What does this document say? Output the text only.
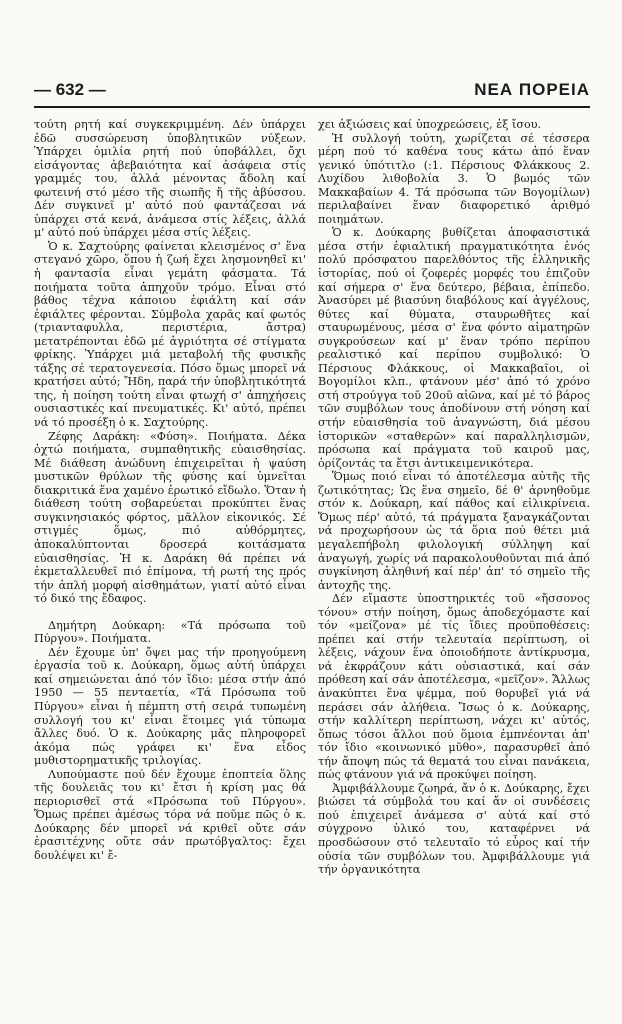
— 632 —	ΝΕΑ ΠΟΡΕΙΑ

τούτη ρητή καί συγκεκριμμένη. Δέν ὑπάρχει ἐδῶ συσσώρευση ὑποβλητικῶν νύξεων. Ὑπάρχει ὁμιλία ρητή πού ὑποβάλλει, ὄχι εἰσάγοντας ἀβεβαιότητα καί ἀσάφεια στίς γραμμές του, ἀλλά μένοντας ἄδολη καί φωτεινή στό μέσο τῆς σιωπῆς ἤ τῆς ἀβύσσου. Δέν συγκινεῖ μ' αὐτό πού φαντάζεσαι νά ὑπάρχει στά κενά, ἀνάμεσα στίς λέξεις, ἀλλά μ' αὐτό πού ὑπάρχει μέσα στίς λέξεις.

Ὁ κ. Σαχτούρης φαίνεται κλεισμένος σ' ἕνα στεγανό χῶρο, ὅπου ἡ ζωή ἔχει λησμονηθεῖ κι' ἡ φαντασία εἶναι γεμάτη φάσματα. Τά ποιήματα τοῦτα ἀπηχοῦν τρόμο. Εἶναι στό βάθος τέχνα κάποιου ἐφιάλτη καί σάν ἐφιάλτες φέρονται. Σύμβολα χαρᾶς καί φωτός (τριανταφυλλα, περιστέρια, ἄστρα) μετατρέπονται ἐδῶ μέ ἀγριότητα σέ στίγματα φρίκης. Ὑπάρχει μιά μεταβολή τῆς φυσικῆς τάξης σέ τερατογενεσία. Πόσο ὅμως μπορεῖ νά κρατήσει αὐτό; Ἤδη, παρά τήν ὑποβλητικότητά της, ἡ ποίηση τούτη εἶναι φτωχή σ' ἀπηχήσεις ουσιαστικές καί πνευματικές. Κι' αὐτό, πρέπει νά τό προσέξη ὁ κ. Σαχτούρης.

Ζέφης Δαράκη: «Φύση». Ποιήματα. Δέκα ὀχτώ ποιήματα, συμπαθητικῆς εὐαισθησίας. Μέ διάθεση ἀνώδυνη ἐπιχειρεῖται ἡ ψαύση μυστικῶν θρύλων τῆς φύσης καί ὑμνεῖται διακριτικά ἕνα χαμένο ἐρωτικό εἴδωλο. Ὅταν ἡ διάθεση τούτη σοβαρεύεται προκύπτει ἕνας συγκινησιακός φόρτος, μᾶλλον εἰκονικός. Σέ στιγμές ὅμως, πιό αὐθόρμητες, ἀποκαλύπτονται δροσερά κοιτάσματα εὐαισθησίας. Ἡ κ. Δαράκη θά πρέπει νά ἐκμεταλλευθεῖ πιό ἐπίμονα, τή ρωτή της πρός τήν ἁπλή μορφή αἰσθημάτων, γιατί αὐτό εἶναι τό δικό της ἔδαφος.

Δημήτρη Δούκαρη: «Τά πρόσωπα τοῦ Πύργου». Ποιήματα.

Δέν ἔχουμε ὑπ' ὄψει μας τήν προηγούμενη ἐργασία τοῦ κ. Δούκαρη, ὅμως αὐτή ὑπάρχει καί σημειώνεται ἀπό τόν ἴδιο: μέσα στήν ἀπό 1950 — 55 πενταετία, «Τά Πρόσωπα τοῦ Πύργου» εἶναι ἡ πέμπτη στή σειρά τυπωμένη συλλογή του κι' εἶναι ἕτοιμες γιά τύπωμα ἄλλες δυό. Ὁ κ. Δούκαρης μᾶς πληροφορεῖ ἀκόμα πώς γράφει κι' ἕνα εἶδος μυθιστορηματικῆς τριλογίας.

Λυπούμαστε πού δέν ἔχουμε ἐποπτεία ὅλης τῆς δουλειᾶς του κι' ἔτσι ἡ κρίση μας θά περιορισθεῖ στά «Πρόσωπα τοῦ Πύργου». Ὅμως πρέπει ἀμέσως τόρα νά ποῦμε πῶς ὁ κ. Δούκαρης δέν μπορεῖ νά κριθεῖ οὔτε σάν ἐρασιτέχνης οὔτε σάν πρωτόβγαλτος: ἔχει δουλέψει κι' ἔ-

χει ἀξιώσεις καί ὑποχρεώσεις, ἐξ ἴσου.

Ἡ συλλογή τούτη, χωρίζεται σέ τέσσερα μέρη πού τό καθένα τους κάτω ἀπό ἕναν γενικό ὑπότιτλο (:1. Πέρσιους Φλάκκους 2. Λυχίδου λιθοβολία 3. Ὁ βωμός τῶν Μακκαβαίων 4. Τά πρόσωπα τῶν Βογομίλων) περιλαβαίνει ἕναν διαφορετικό ἀριθμό ποιημάτων.

Ὁ κ. Δούκαρης βυθίζεται ἀποφασιστικά μέσα στήν ἐφιαλτική πραγματικότητα ἑνός πολύ πρόσφατου παρελθόντος τῆς ἑλληνικῆς ἱστορίας, πού οἱ ζοφερές μορφές του ἐπιζοῦν καί σήμερα σ' ἕνα δεύτερο, βέβαια, ἐπίπεδο. Ἀνασύρει μέ βιασύνη διαβόλους καί ἀγγέλους, θύτες καί θύματα, σταυρωθῆτες καί σταυρωμένους, μέσα σ' ἕνα φόντο αἱματηρῶν συγκρούσεων καί μ' ἕναν τρόπο περίπου ρεαλιστικό καί περίπου συμβολικό: Ὁ Πέρσιους Φλάκκους, οἱ Μακκαβαῖοι, οἱ Βογομίλοι κλπ., φτάνουν μέσ' ἀπό τό χρόνο στή στρούγγα τοῦ 20οῦ αἰῶνα, καί μέ τό βάρος τῶν συμβόλων τους ἀποδίνουν στή νόηση καί στήν εὐαισθησία τοῦ ἀναγνώστη, διά μέσου ἱστορικῶν «σταθερῶν» καί παραλληλισμῶν, πρόσωπα καί πράγματα τοῦ καιροῦ μας, ὁρίζοντάς τα ἔτσι ἀντικειμενικότερα.

Ὅμως ποιό εἶναι τό ἀποτέλεσμα αὐτῆς τῆς ζωτικότητας; Ὡς ἕνα σημεῖο, δέ θ' ἀρνηθοῦμε στόν κ. Δούκαρη, καί πάθος καί εἰλικρίνεια. Ὅμως πέρ' αὐτό, τά πράγματα ξαναγκάζονται νά προχωρήσουν ὡς τά ὅρια πού θέτει μιά μεγαλεπήβολη φιλολογική σύλληψη καί ἀναγωγή, χωρίς νά παρακολουθοῦνται πιά ἀπό συγκίνηση ἀληθινή καί πέρ' ἀπ' τό σημεῖο τῆς ἀντοχῆς της.

Δέν εἴμαστε ὑποστηρικτές τοῦ «ἤσσονος τόνου» στήν ποίηση, ὅμως ἀποδεχόμαστε καί τόν «μείζονα» μέ τίς ἴδιες προϋποθέσεις: πρέπει καί στήν τελευταία περίπτωση, οἱ λέξεις, νάχουν ἕνα ὁποιοδήποτε ἀντίκρυσμα, νά ἐκφράζουν κάτι οὐσιαστικά, καί σάν πρόθεση καί σάν ἀποτέλεσμα, «μεῖζον». Ἄλλως ἀνακύπτει ἕνα ψέμμα, πού θορυβεῖ γιά νά περάσει σάν ἀλήθεια. Ἴσως ὁ κ. Δούκαρης, στήν καλλίτερη περίπτωση, νάχει κι' αὐτός, ὅπως τόσοι ἄλλοι πού ὅμοια ἐμπνέονται ἀπ' τόν ἴδιο «κοινωνικό μῦθο», παρασυρθεῖ ἀπό τήν ἄποψη πώς τά θεματά του εἶναι πανάκεια, πώς φτάνουν γιά νά προκύψει ποίηση.

Ἀμφιβάλλουμε ζωηρά, ἄν ὁ κ. Δούκαρης, ἔχει βιώσει τά σύμβολά του καί ἄν οἱ συνδέσεις πού ἐπιχειρεῖ ἀνάμεσα σ' αὐτά καί στό σύγχρονο ὑλικό του, καταφέρνει νά προσδώσουν στό τελευταῖο τό εὖρος καί τήν οὐσία τῶν συμβόλων του. Ἀμφιβάλλουμε γιά τήν ὀργανικότητα
